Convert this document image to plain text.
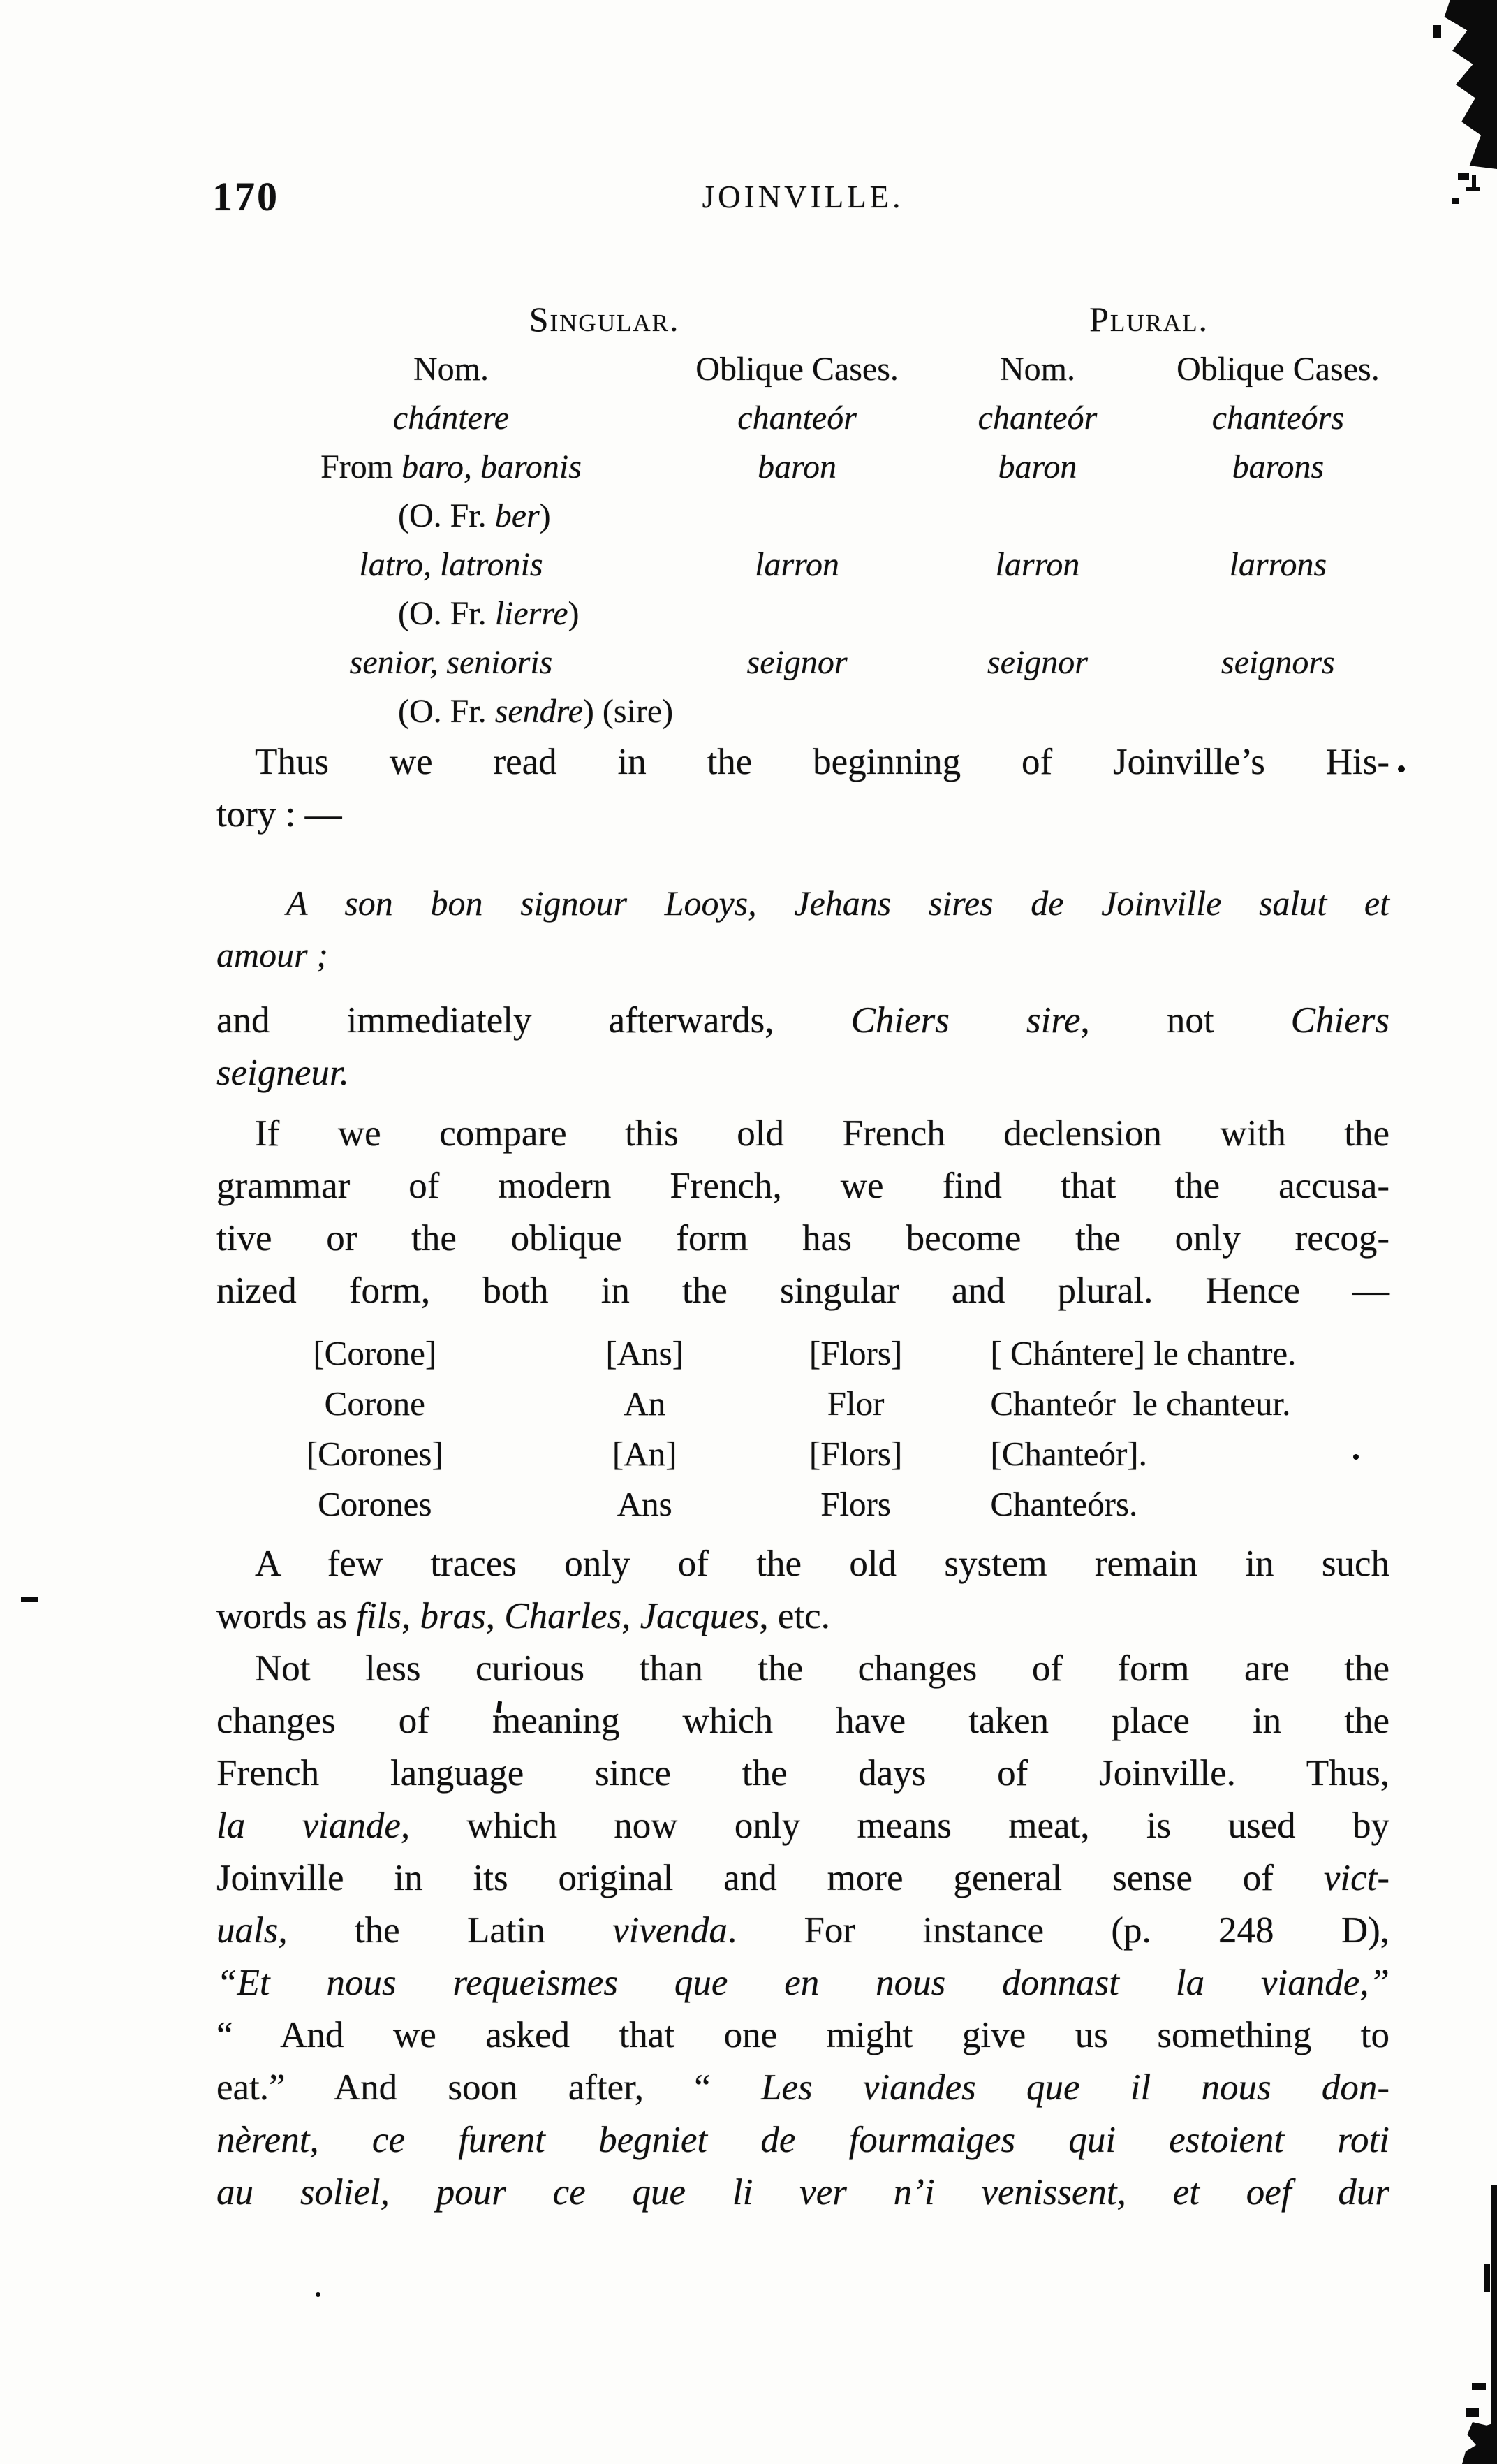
170	JOINVILLE.
Singular.	Plural.
Nom.	Oblique Cases.	Nom.	Oblique Cases.
chántere	chanteór	chanteór	chanteórs
From baro, baronis	baron	baron	barons
(O. Fr. ber)
latro, latronis	larron	larron	larrons
(O. Fr. lierre)
senior, senioris	seignor	seignor	seignors
(O. Fr. sendre) (sire)
Thus we read in the beginning of Joinville’s His-
tory : —
A son bon signour Looys, Jehans sires de Joinville salut et
amour ;
and immediately afterwards, Chiers sire, not Chiers
seigneur.
If we compare this old French declension with the
grammar of modern French, we find that the accusa-
tive or the oblique form has become the only recog-
nized form, both in the singular and plural. Hence —
[Corone]	[Ans]	[Flors]	[ Chántere] le chantre.
Corone	An	Flor	Chanteór  le chanteur.
[Corones]	[An]	[Flors]	[Chanteór].
Corones	Ans	Flors	Chanteórs.
A few traces only of the old system remain in such
words as fils, bras, Charles, Jacques, etc.
Not less curious than the changes of form are the
changes of meaning which have taken place in the
French language since the days of Joinville. Thus,
la viande, which now only means meat, is used by
Joinville in its original and more general sense of vict-
uals, the Latin vivenda. For instance (p. 248 D),
“Et nous requeismes que en nous donnast la viande,”
“ And we asked that one might give us something to
eat.” And soon after, “ Les viandes que il nous don-
nèrent, ce furent begniet de fourmaiges qui estoient roti
au soliel, pour ce que li ver n’i venissent, et oef dur
